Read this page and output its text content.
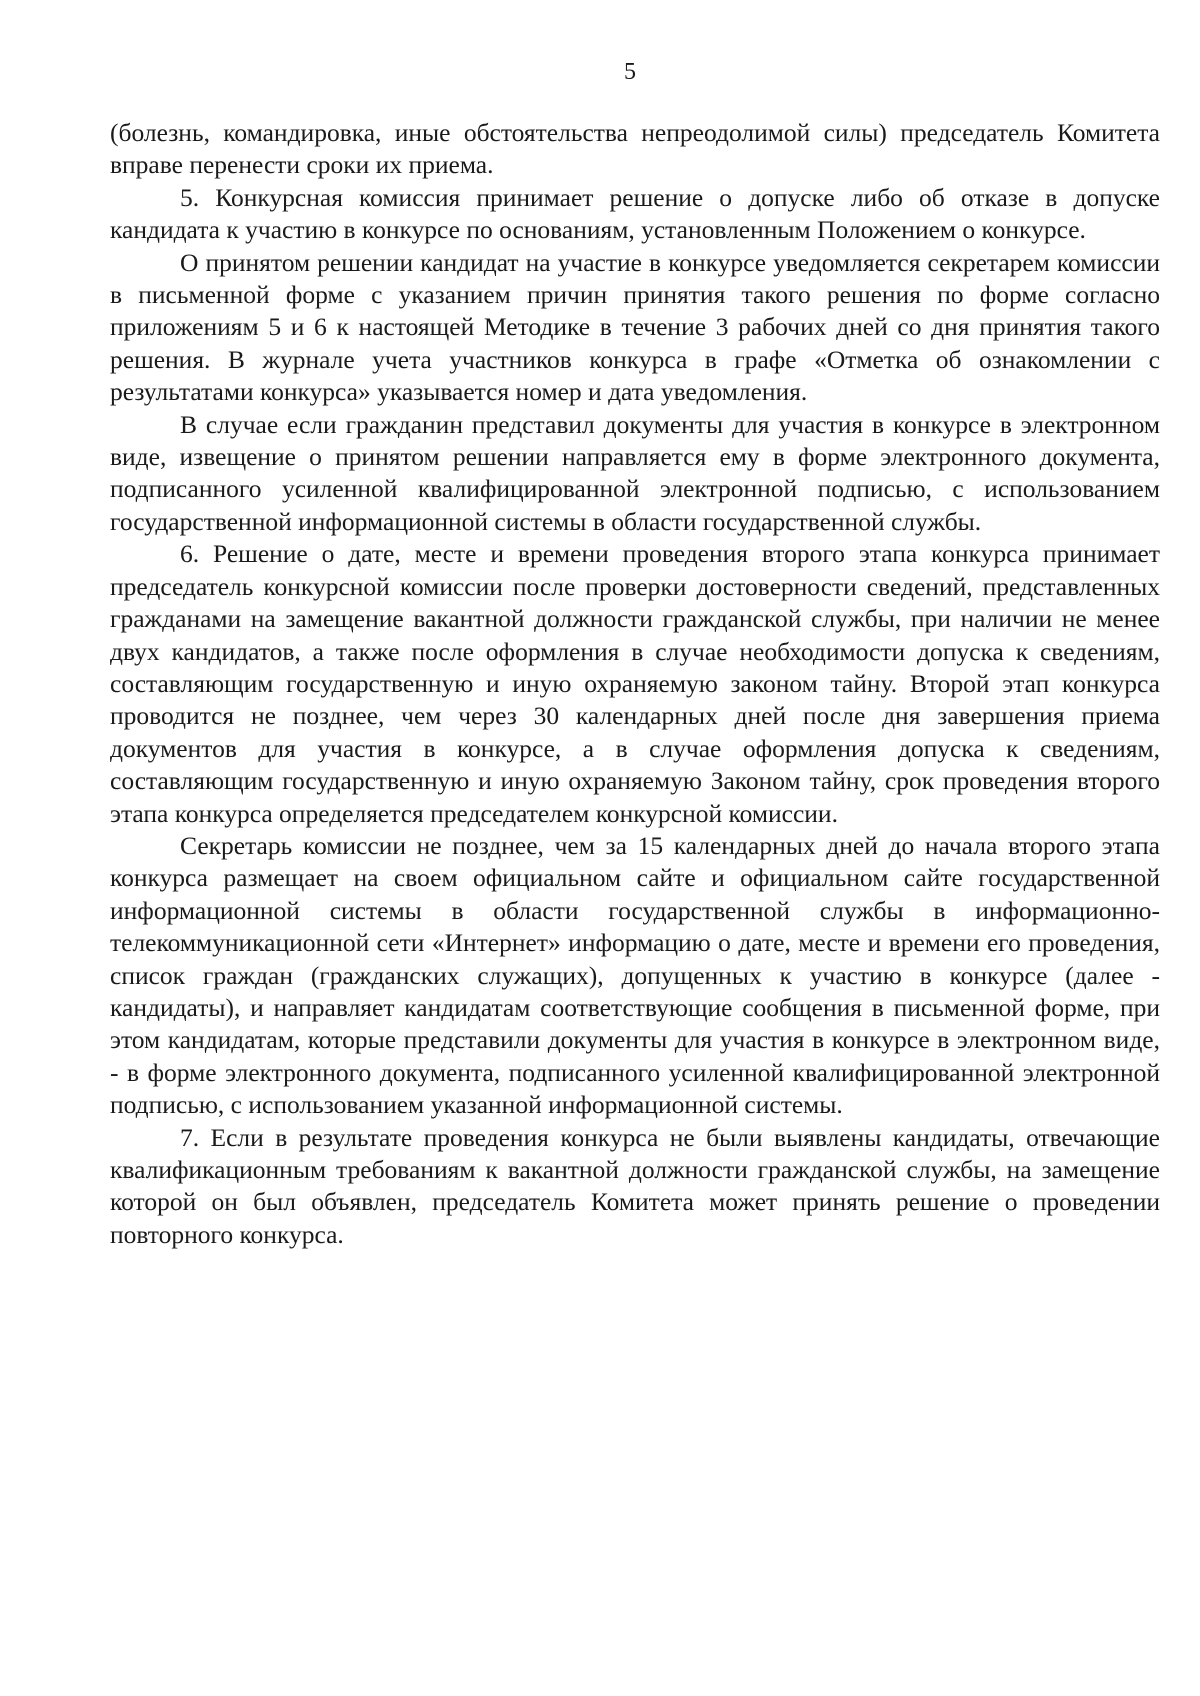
5

(болезнь, командировка, иные обстоятельства непреодолимой силы) председатель Комитета вправе перенести сроки их приема.

5. Конкурсная комиссия принимает решение о допуске либо об отказе в допуске кандидата к участию в конкурсе по основаниям, установленным Положением о конкурсе.

О принятом решении кандидат на участие в конкурсе уведомляется секретарем комиссии в письменной форме с указанием причин принятия такого решения по форме согласно приложениям 5 и 6 к настоящей Методике в течение 3 рабочих дней со дня принятия такого решения. В журнале учета участников конкурса в графе «Отметка об ознакомлении с результатами конкурса» указывается номер и дата уведомления.

В случае если гражданин представил документы для участия в конкурсе в электронном виде, извещение о принятом решении направляется ему в форме электронного документа, подписанного усиленной квалифицированной электронной подписью, с использованием государственной информационной системы в области государственной службы.

6. Решение о дате, месте и времени проведения второго этапа конкурса принимает председатель конкурсной комиссии после проверки достоверности сведений, представленных гражданами на замещение вакантной должности гражданской службы, при наличии не менее двух кандидатов, а также после оформления в случае необходимости допуска к сведениям, составляющим государственную и иную охраняемую законом тайну. Второй этап конкурса проводится не позднее, чем через 30 календарных дней после дня завершения приема документов для участия в конкурсе, а в случае оформления допуска к сведениям, составляющим государственную и иную охраняемую Законом тайну, срок проведения второго этапа конкурса определяется председателем конкурсной комиссии.

Секретарь комиссии не позднее, чем за 15 календарных дней до начала второго этапа конкурса размещает на своем официальном сайте и официальном сайте государственной информационной системы в области государственной службы в информационно-телекоммуникационной сети «Интернет» информацию о дате, месте и времени его проведения, список граждан (гражданских служащих), допущенных к участию в конкурсе (далее - кандидаты), и направляет кандидатам соответствующие сообщения в письменной форме, при этом кандидатам, которые представили документы для участия в конкурсе в электронном виде, - в форме электронного документа, подписанного усиленной квалифицированной электронной подписью, с использованием указанной информационной системы.

7. Если в результате проведения конкурса не были выявлены кандидаты, отвечающие квалификационным требованиям к вакантной должности гражданской службы, на замещение которой он был объявлен, председатель Комитета может принять решение о проведении повторного конкурса.
